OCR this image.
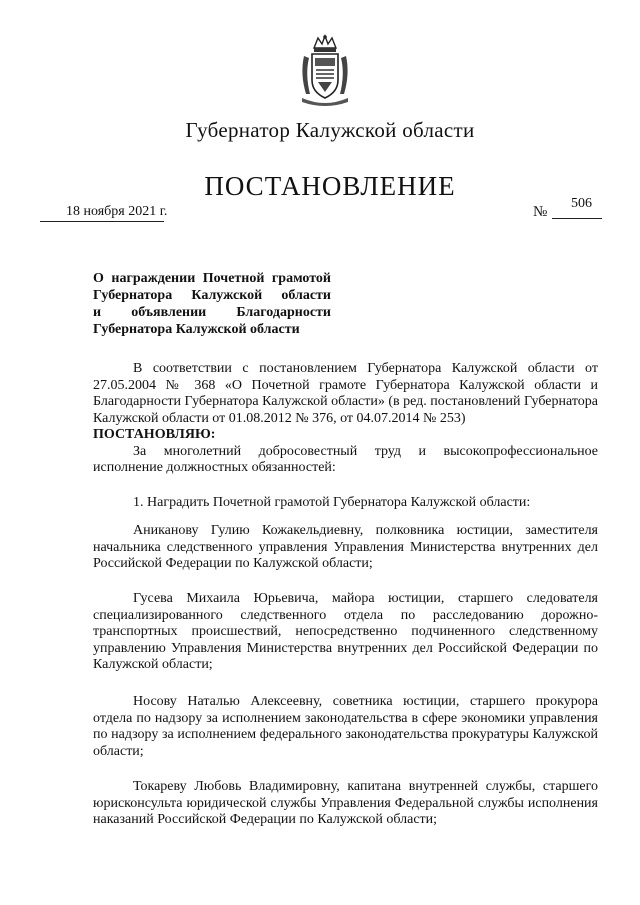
Губернатор Калужской области
ПОСТАНОВЛЕНИЕ
18 ноября 2021 г.	№
506
О награждении Почетной грамотой
Губернатора Калужской области
и объявлении Благодарности
Губернатора Калужской области

В соответствии с постановлением Губернатора Калужской области от 27.05.2004 № 368 «О Почетной грамоте Губернатора Калужской области и Благодарности Губернатора Калужской области» (в ред. постановлений Губернатора Калужской области от 01.08.2012 № 376, от 04.07.2014 № 253)

ПОСТАНОВЛЯЮ:

За многолетний добросовестный труд и высокопрофессиональное исполнение должностных обязанностей:

1. Наградить Почетной грамотой Губернатора Калужской области:

Аниканову Гулию Кожакельдиевну, полковника юстиции, заместителя начальника следственного управления Управления Министерства внутренних дел Российской Федерации по Калужской области;

Гусева Михаила Юрьевича, майора юстиции, старшего следователя специализированного следственного отдела по расследованию дорожно-транспортных происшествий, непосредственно подчиненного следственному управлению Управления Министерства внутренних дел Российской Федерации по Калужской области;

Носову Наталью Алексеевну, советника юстиции, старшего прокурора отдела по надзору за исполнением законодательства в сфере экономики управления по надзору за исполнением федерального законодательства прокуратуры Калужской области;

Токареву Любовь Владимировну, капитана внутренней службы, старшего юрисконсульта юридической службы Управления Федеральной службы исполнения наказаний Российской Федерации по Калужской области;
